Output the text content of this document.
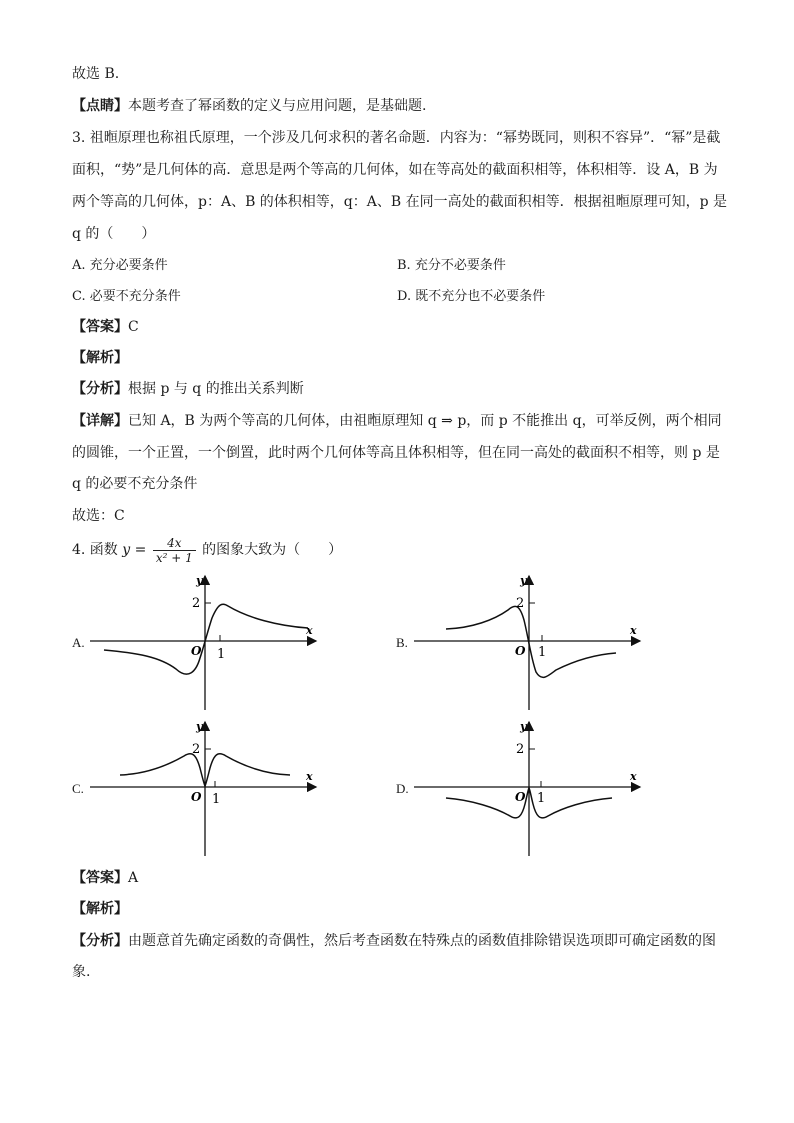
故选 B.
【点睛】本题考查了幂函数的定义与应用问题，是基础题.
3. 祖暅原理也称祖氏原理，一个涉及几何求积的著名命题．内容为：“幂势既同，则积不容异”．“幂”是截
面积，“势”是几何体的高．意思是两个等高的几何体，如在等高处的截面积相等，体积相等．设 A，B 为
两个等高的几何体，p：A、B 的体积相等，q：A、B 在同一高处的截面积相等．根据祖暅原理可知，p 是
q 的（　　）
A. 充分必要条件	B. 充分不必要条件
C. 必要不充分条件	D. 既不充分也不必要条件
【答案】C
【解析】
【分析】根据 p 与 q 的推出关系判断
【详解】已知 A，B 为两个等高的几何体，由祖暅原理知 q ⇒ p，而 p 不能推出 q，可举反例，两个相同
的圆锥，一个正置，一个倒置，此时两个几何体等高且体积相等，但在同一高处的截面积不相等，则 p 是
q 的必要不充分条件
故选：C
4. 函数 $y = \frac{4x}{\text{x² + 1}}$ 的图象大致为（　　）
A.	B.
C.	D.
2
O 1
x
y
2
O 1
x
y
2
O 1
x
y
2
O 1
x
y
【答案】A
【解析】
【分析】由题意首先确定函数的奇偶性，然后考查函数在特殊点的函数值排除错误选项即可确定函数的图
象.
